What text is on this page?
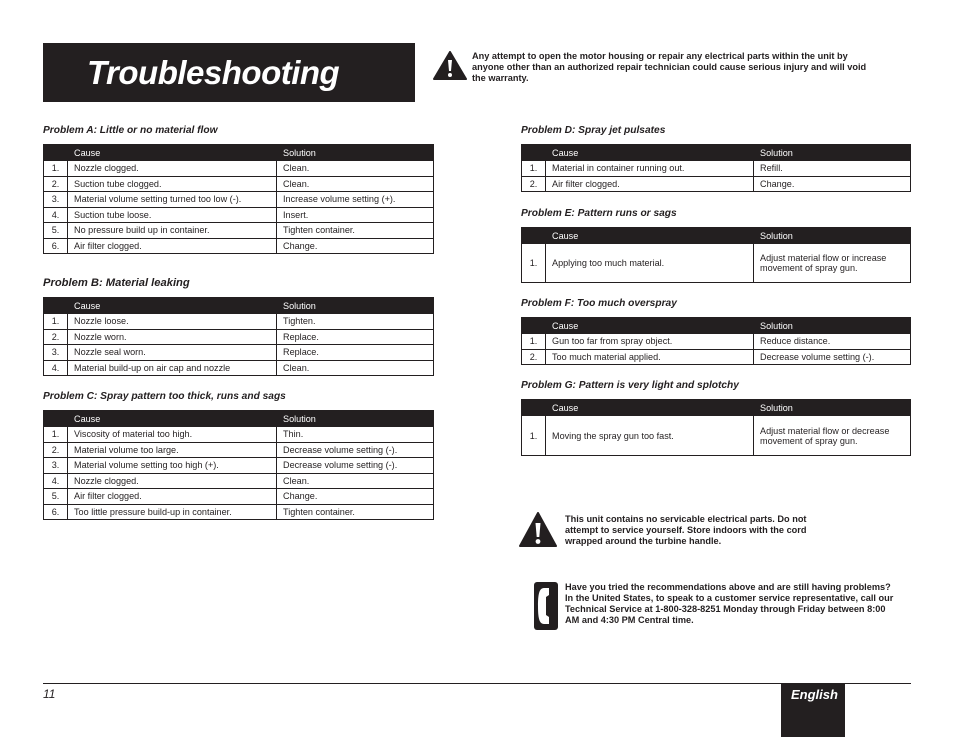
Troubleshooting	Any attempt to open the motor housing or repair any electrical parts within the unit by anyone other than an authorized repair technician could cause serious injury and will void the warranty.
Problem A: Little or no material flow
	Cause	Solution
1.	Nozzle clogged.	Clean.
2.	Suction tube clogged.	Clean.
3.	Material volume setting turned too low (-).	Increase volume setting (+).
4.	Suction tube loose.	Insert.
5.	No pressure build up in container.	Tighten container.
6.	Air filter clogged.	Change.
Problem B: Material leaking
	Cause	Solution
1.	Nozzle loose.	Tighten.
2.	Nozzle worn.	Replace.
3.	Nozzle seal worn.	Replace.
4.	Material build-up on air cap and nozzle	Clean.
Problem C: Spray pattern too thick, runs and sags
	Cause	Solution
1.	Viscosity of material too high.	Thin.
2.	Material volume too large.	Decrease volume setting (-).
3.	Material volume setting too high (+).	Decrease volume setting (-).
4.	Nozzle clogged.	Clean.
5.	Air filter clogged.	Change.
6.	Too little pressure build-up in container.	Tighten container.
Problem D: Spray jet pulsates
	Cause	Solution
1.	Material in container running out.	Refill.
2.	Air filter clogged.	Change.
Problem E: Pattern runs or sags
	Cause	Solution
1.	Applying too much material.	Adjust material flow or increase movement of spray gun.
Problem F: Too much overspray
	Cause	Solution
1.	Gun too far from spray object.	Reduce distance.
2.	Too much material applied.	Decrease volume setting (-).
Problem G: Pattern is very light and splotchy
	Cause	Solution
1.	Moving the spray gun too fast.	Adjust material flow or decrease movement of spray gun.
This unit contains no servicable electrical parts. Do not attempt to service yourself. Store indoors with the cord wrapped around the turbine handle.
Have you tried the recommendations above and are still having problems? In the United States, to speak to a customer service representative, call our Technical Service at 1-800-328-8251 Monday through Friday between 8:00 AM and 4:30 PM Central time.
11	English
